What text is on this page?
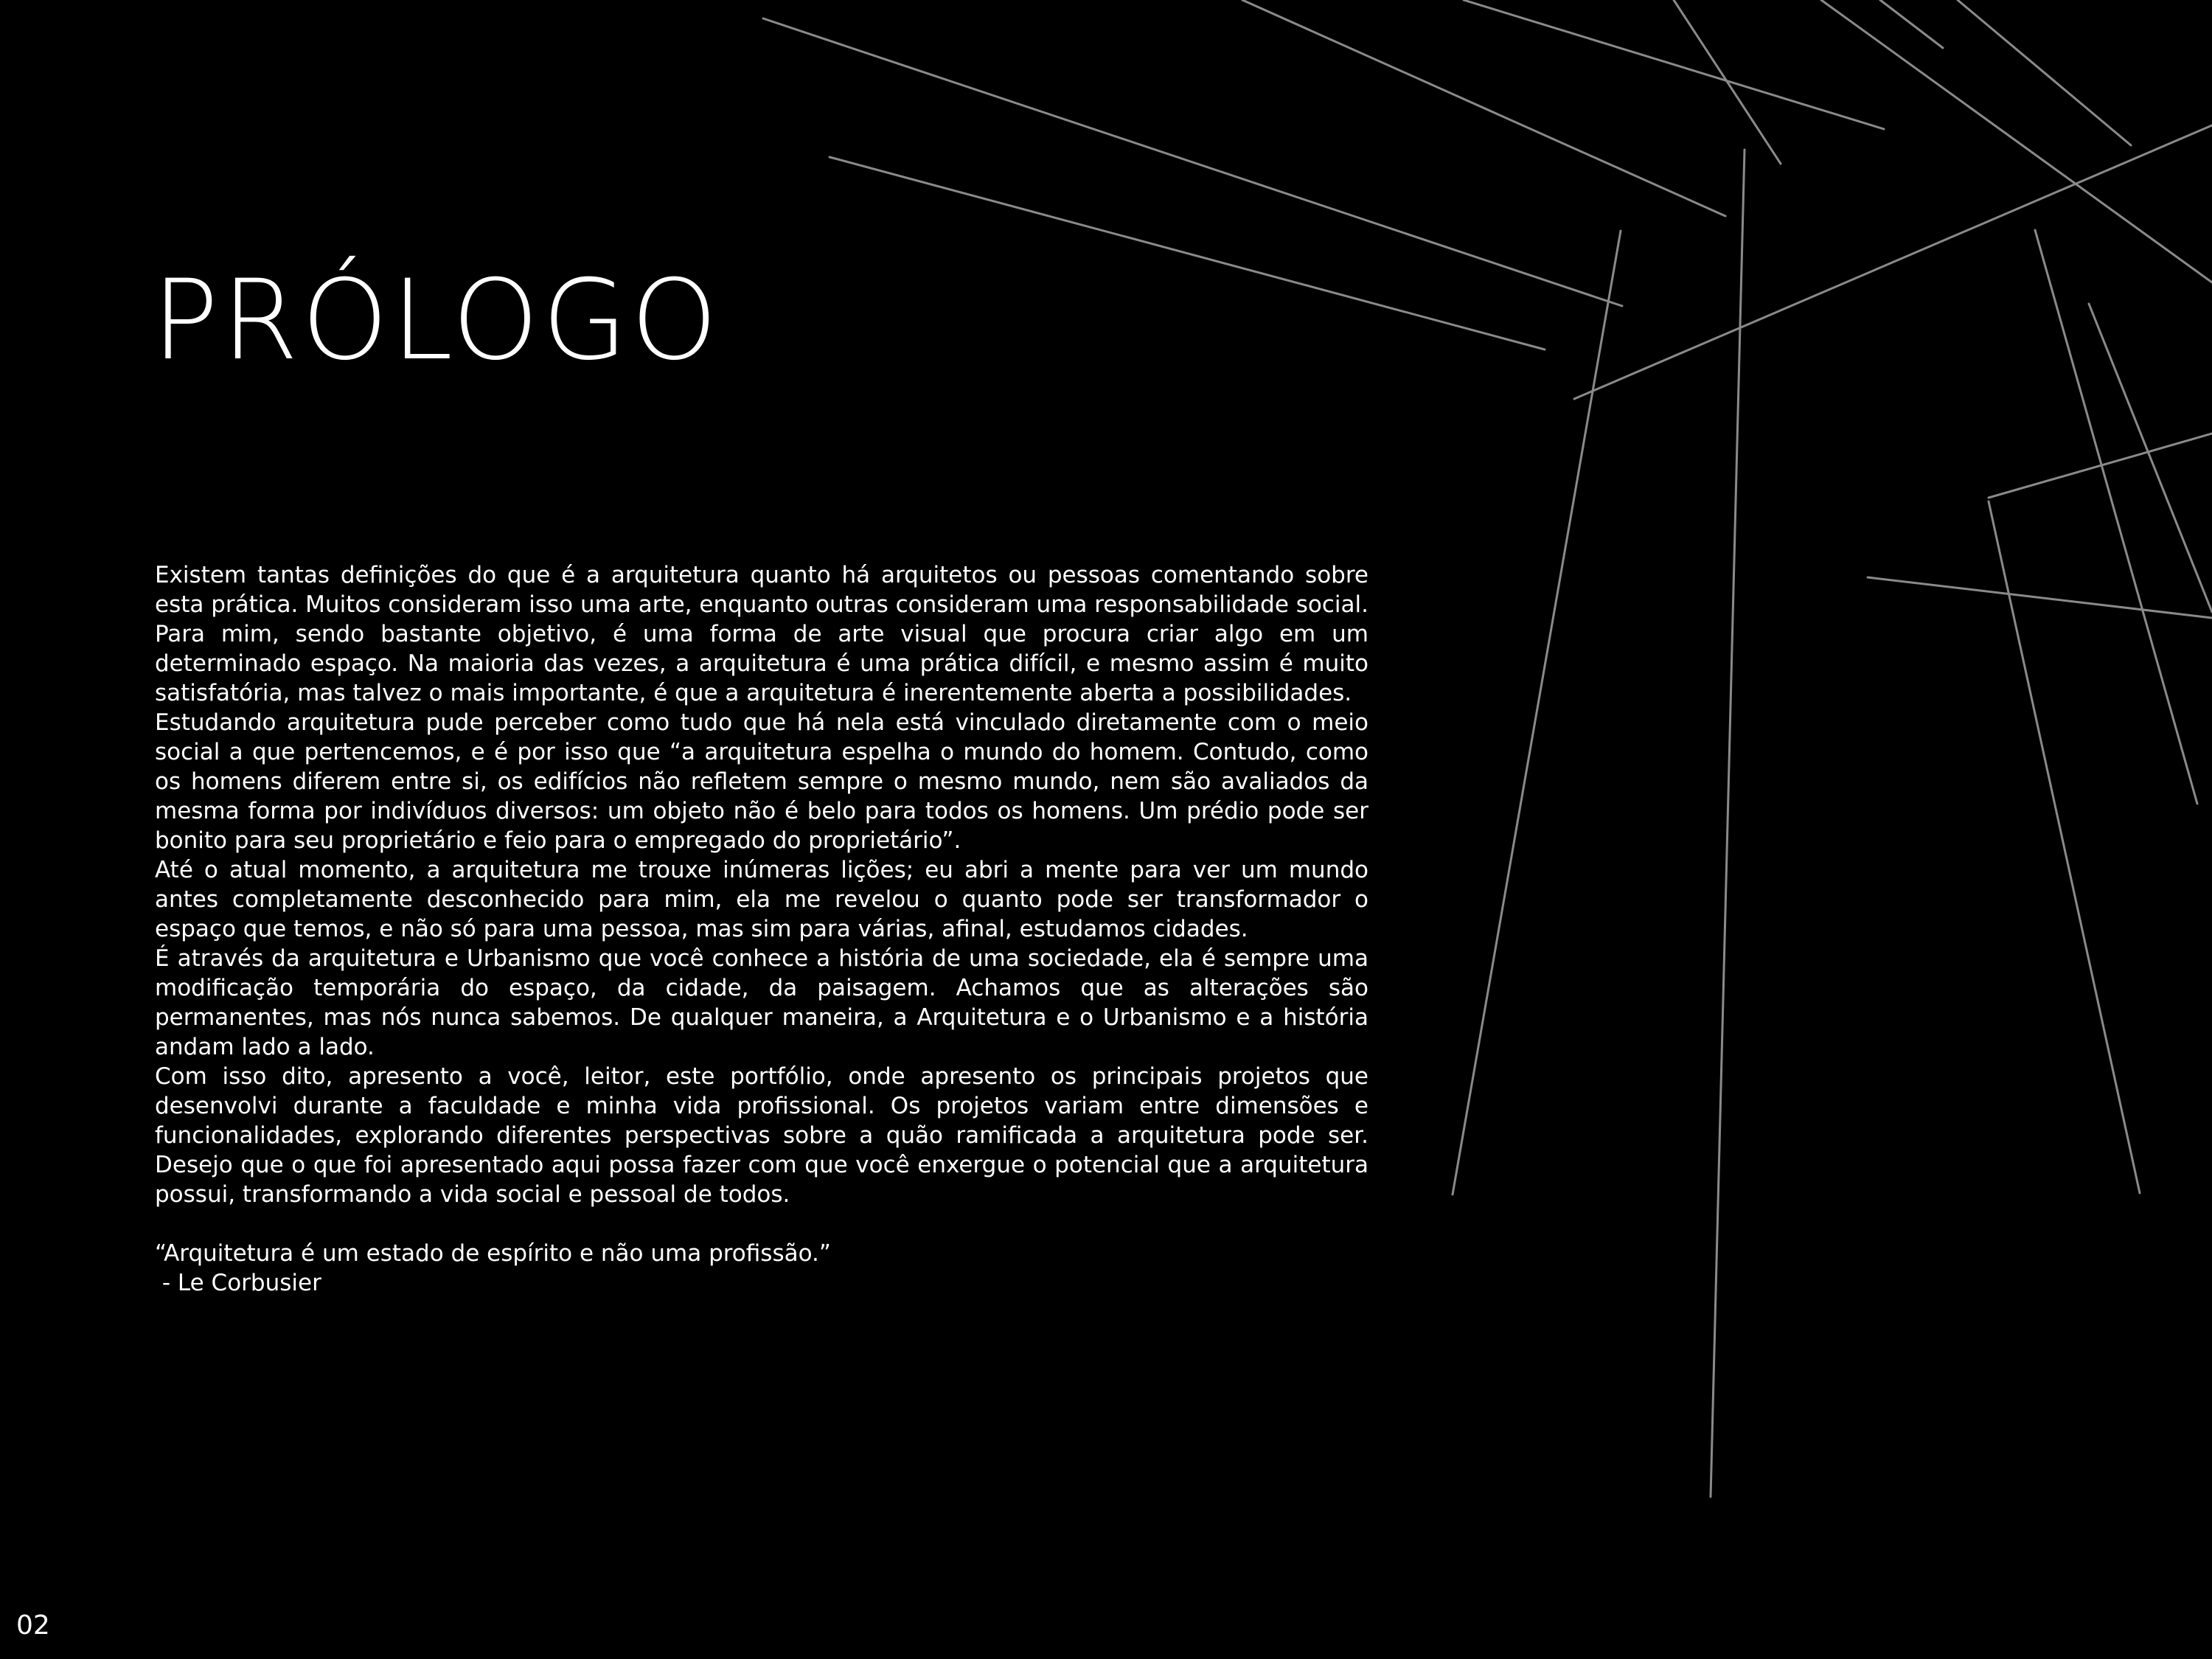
PRÓLOGO

Existem tantas definições do que é a arquitetura quanto há arquitetos ou pessoas comentando sobre esta prática. Muitos consideram isso uma arte, enquanto outras consideram uma responsabilidade social. Para mim, sendo bastante objetivo, é uma forma de arte visual que procura criar algo em um determinado espaço. Na maioria das vezes, a arquitetura é uma prática difícil, e mesmo assim é muito satisfatória, mas talvez o mais importante, é que a arquitetura é inerentemente aberta a possibilidades.

Estudando arquitetura pude perceber como tudo que há nela está vinculado diretamente com o meio social a que pertencemos, e é por isso que “a arquitetura espelha o mundo do homem. Contudo, como os homens diferem entre si, os edifícios não refletem sempre o mesmo mundo, nem são avaliados da mesma forma por indivíduos diversos: um objeto não é belo para todos os homens. Um prédio pode ser bonito para seu proprietário e feio para o empregado do proprietário”.

Até o atual momento, a arquitetura me trouxe inúmeras lições; eu abri a mente para ver um mundo antes completamente desconhecido para mim, ela me revelou o quanto pode ser transformador o espaço que temos, e não só para uma pessoa, mas sim para várias, afinal, estudamos cidades.

É através da arquitetura e Urbanismo que você conhece a história de uma sociedade, ela é sempre uma modificação temporária do espaço, da cidade, da paisagem. Achamos que as alterações são permanentes, mas nós nunca sabemos. De qualquer maneira, a Arquitetura e o Urbanismo e a história andam lado a lado.

Com isso dito, apresento a você, leitor, este portfólio, onde apresento os principais projetos que desenvolvi durante a faculdade e minha vida profissional. Os projetos variam entre dimensões e funcionalidades, explorando diferentes perspectivas sobre a quão ramificada a arquitetura pode ser. Desejo que o que foi apresentado aqui possa fazer com que você enxergue o potencial que a arquitetura possui, transformando a vida social e pessoal de todos.

“Arquitetura é um estado de espírito e não uma profissão.”

- Le Corbusier

02
